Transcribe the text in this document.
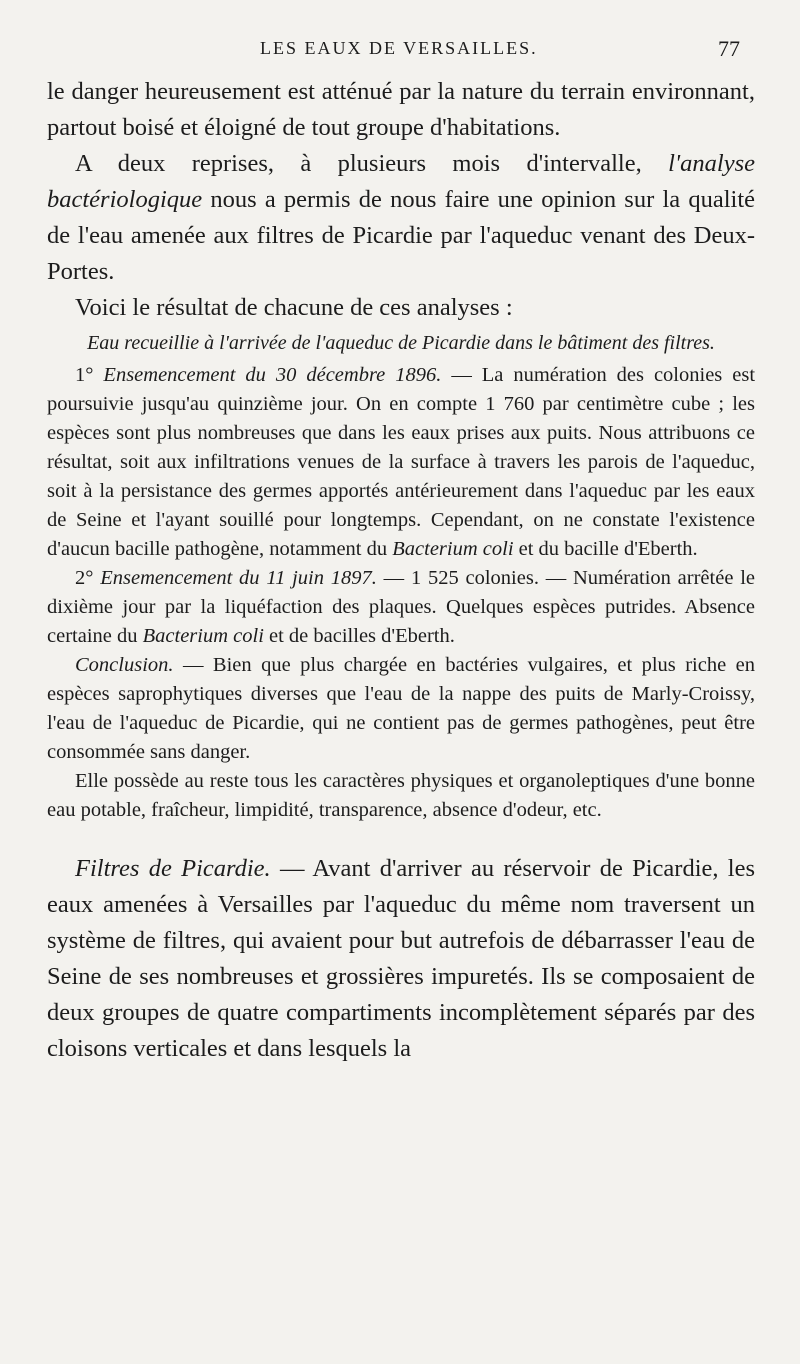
LES EAUX DE VERSAILLES.	77

le danger heureusement est atténué par la nature du terrain environnant, partout boisé et éloigné de tout groupe d'habitations.

A deux reprises, à plusieurs mois d'intervalle, l'analyse bactériologique nous a permis de nous faire une opinion sur la qualité de l'eau amenée aux filtres de Picardie par l'aqueduc venant des Deux-Portes.

Voici le résultat de chacune de ces analyses :

Eau recueillie à l'arrivée de l'aqueduc de Picardie dans le bâtiment des filtres.

1° Ensemencement du 30 décembre 1896. — La numération des colonies est poursuivie jusqu'au quinzième jour. On en compte 1 760 par centimètre cube ; les espèces sont plus nombreuses que dans les eaux prises aux puits. Nous attribuons ce résultat, soit aux infiltrations venues de la surface à travers les parois de l'aqueduc, soit à la persistance des germes apportés antérieurement dans l'aqueduc par les eaux de Seine et l'ayant souillé pour longtemps. Cependant, on ne constate l'existence d'aucun bacille pathogène, notamment du Bacterium coli et du bacille d'Eberth.

2° Ensemencement du 11 juin 1897. — 1 525 colonies. — Numération arrêtée le dixième jour par la liquéfaction des plaques. Quelques espèces putrides. Absence certaine du Bacterium coli et de bacilles d'Eberth.

Conclusion. — Bien que plus chargée en bactéries vulgaires, et plus riche en espèces saprophytiques diverses que l'eau de la nappe des puits de Marly-Croissy, l'eau de l'aqueduc de Picardie, qui ne contient pas de germes pathogènes, peut être consommée sans danger.

Elle possède au reste tous les caractères physiques et organoleptiques d'une bonne eau potable, fraîcheur, limpidité, transparence, absence d'odeur, etc.

Filtres de Picardie. — Avant d'arriver au réservoir de Picardie, les eaux amenées à Versailles par l'aqueduc du même nom traversent un système de filtres, qui avaient pour but autrefois de débarrasser l'eau de Seine de ses nombreuses et grossières impuretés. Ils se composaient de deux groupes de quatre compartiments incomplètement séparés par des cloisons verticales et dans lesquels la
